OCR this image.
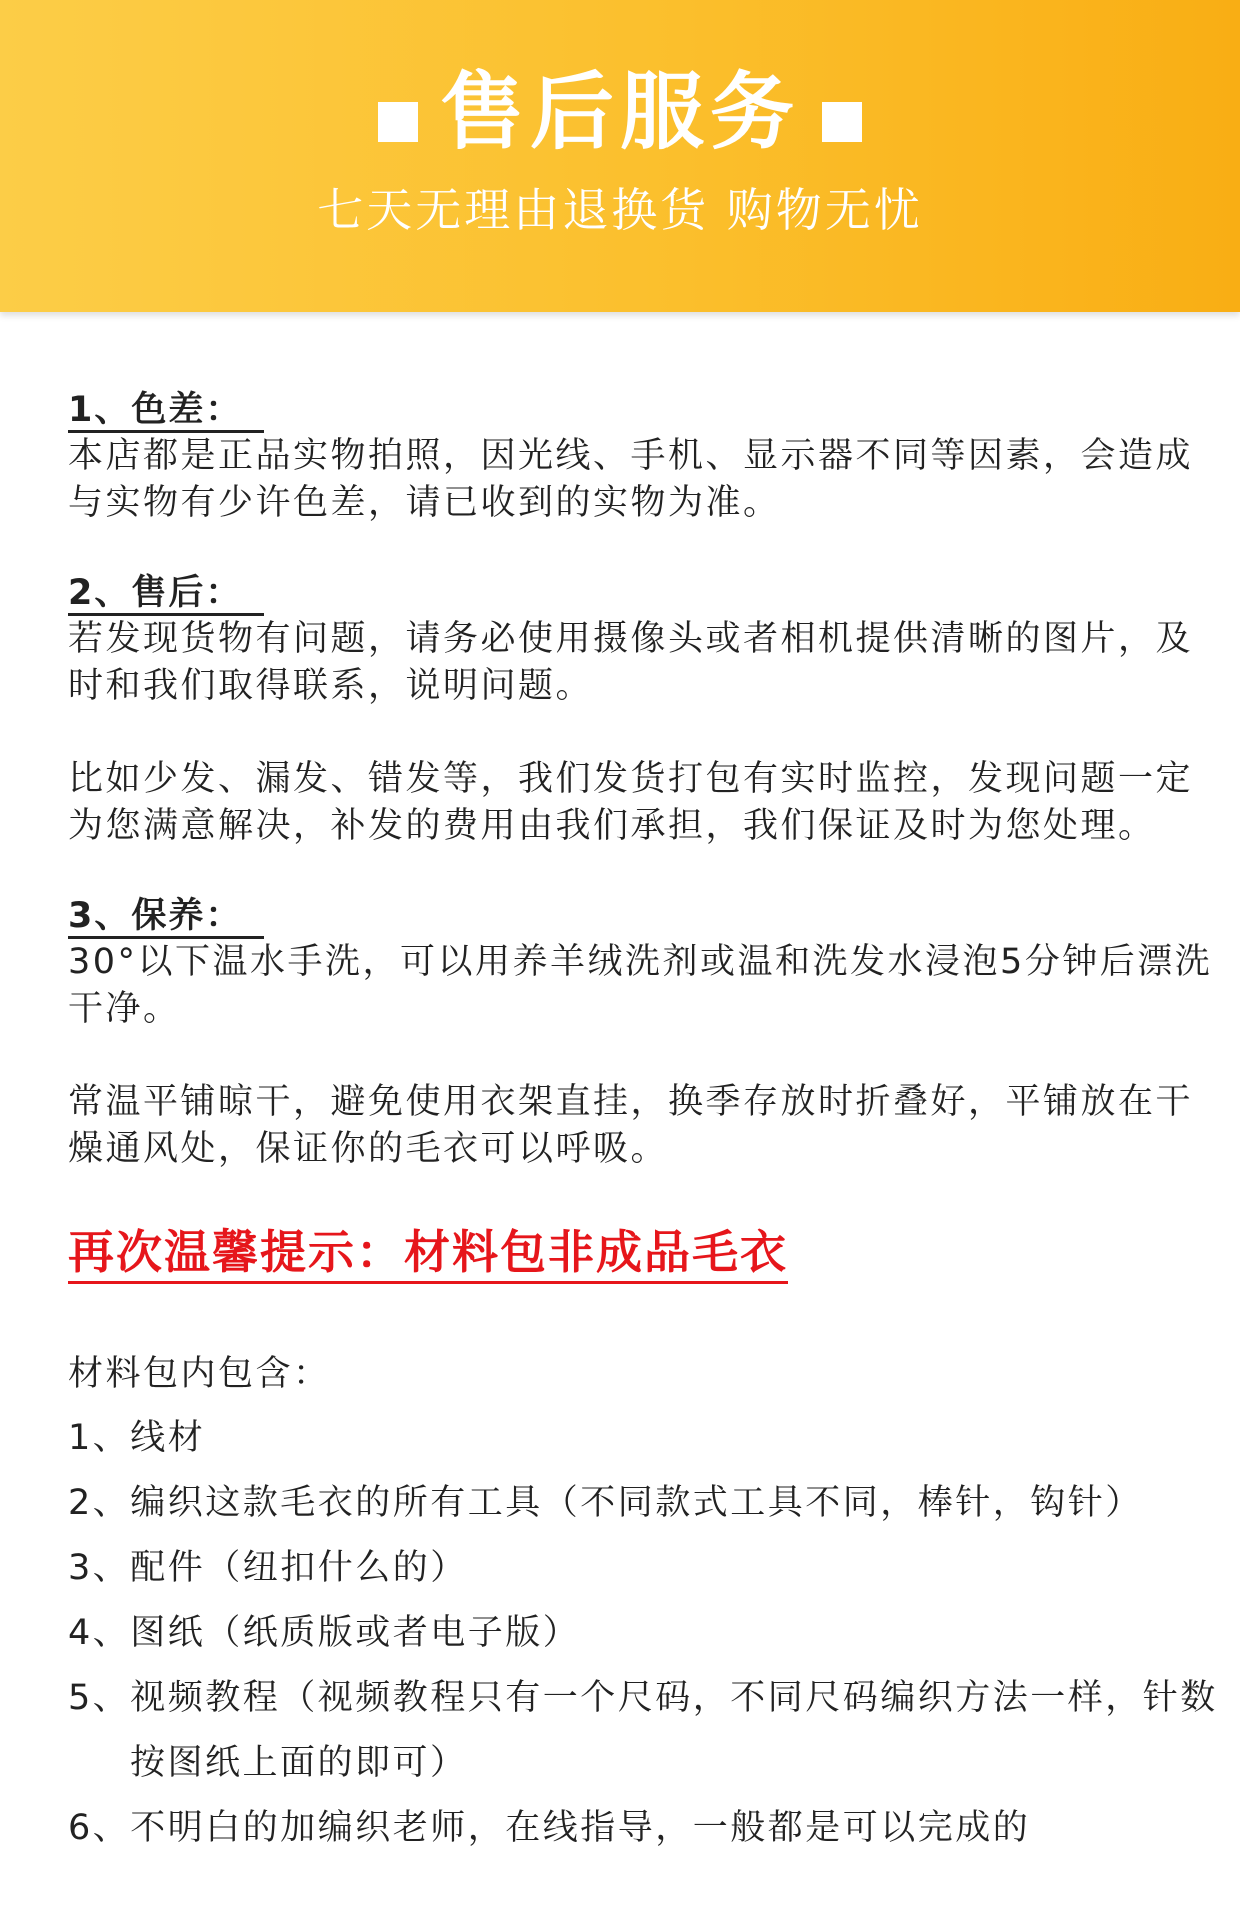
售后服务
七天无理由退换货 购物无忧
1、色差：

本店都是正品实物拍照，因光线、手机、显示器不同等因素，会造成与实物有少许色差，请已收到的实物为准。

2、售后：

若发现货物有问题，请务必使用摄像头或者相机提供清晰的图片，及时和我们取得联系，说明问题。

比如少发、漏发、错发等，我们发货打包有实时监控，发现问题一定为您满意解决，补发的费用由我们承担，我们保证及时为您处理。

3、保养：

30°以下温水手洗，可以用养羊绒洗剂或温和洗发水浸泡5分钟后漂洗干净。

常温平铺晾干，避免使用衣架直挂，换季存放时折叠好，平铺放在干燥通风处，保证你的毛衣可以呼吸。

再次温馨提示：材料包非成品毛衣

材料包内包含：

1、线材

2、编织这款毛衣的所有工具（不同款式工具不同，棒针，钩针）

3、配件（纽扣什么的）

4、图纸（纸质版或者电子版）

5、视频教程（视频教程只有一个尺码，不同尺码编织方法一样，针数按图纸上面的即可）

6、不明白的加编织老师，在线指导，一般都是可以完成的
